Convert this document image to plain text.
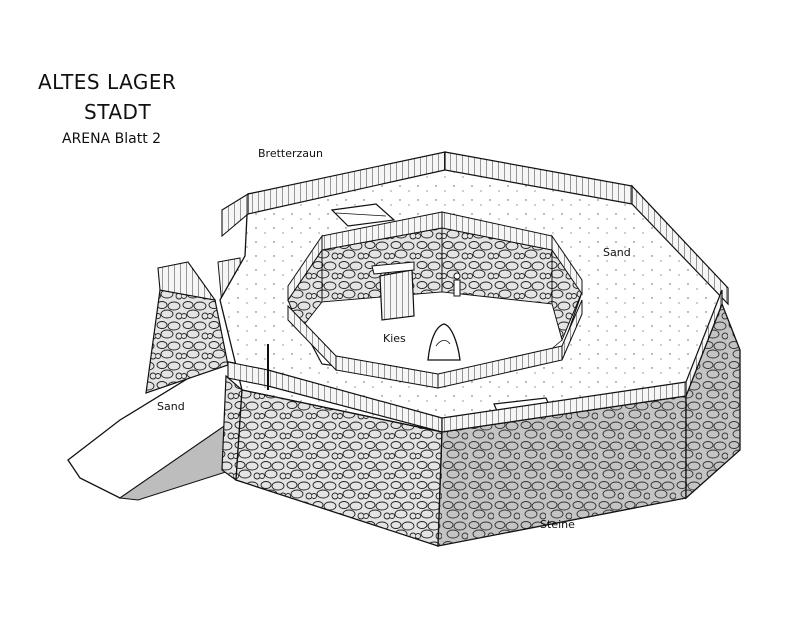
ALTES LAGER
STADT
ARENA Blatt 2
Bretterzaun
Sand
Sand
Kies
Steine
